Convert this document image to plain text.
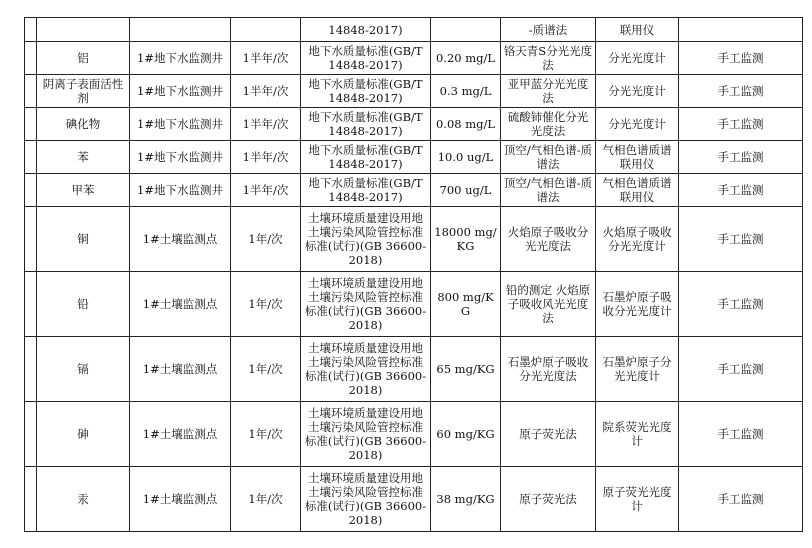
				14848-2017)		-质谱法	联用仪	
	铝	1#地下水监测井	1半年/次	地下水质量标准(GB/T 14848-2017)	0.20 mg/L	铬天青S分光光度法	分光光度计	手工监测
	阴离子表面活性剂	1#地下水监测井	1半年/次	地下水质量标准(GB/T 14848-2017)	0.3 mg/L	亚甲蓝分光光度法	分光光度计	手工监测
	碘化物	1#地下水监测井	1半年/次	地下水质量标准(GB/T 14848-2017)	0.08 mg/L	硫酸铈催化分光光度法	分光光度计	手工监测
	苯	1#地下水监测井	1半年/次	地下水质量标准(GB/T 14848-2017)	10.0 ug/L	顶空/气相色谱-质谱法	气相色谱质谱联用仪	手工监测
	甲苯	1#地下水监测井	1半年/次	地下水质量标准(GB/T 14848-2017)	700 ug/L	顶空/气相色谱-质谱法	气相色谱质谱联用仪	手工监测
	铜	1#土壤监测点	1年/次	土壤环境质量建设用地土壤污染风险管控标准标准(试行)(GB 36600-2018)	18000 mg/KG	火焰原子吸收分光光度法	火焰原子吸收分光光度计	手工监测
	铅	1#土壤监测点	1年/次	土壤环境质量建设用地土壤污染风险管控标准标准(试行)(GB 36600-2018)	800 mg/KG	铅的测定 火焰原子吸收风光光度法	石墨炉原子吸收分光光度计	手工监测
	镉	1#土壤监测点	1年/次	土壤环境质量建设用地土壤污染风险管控标准标准(试行)(GB 36600-2018)	65 mg/KG	石墨炉原子吸收分光光度法	石墨炉原子分光光度计	手工监测
	砷	1#土壤监测点	1年/次	土壤环境质量建设用地土壤污染风险管控标准标准(试行)(GB 36600-2018)	60 mg/KG	原子荧光法	院系荧光光度计	手工监测
	汞	1#土壤监测点	1年/次	土壤环境质量建设用地土壤污染风险管控标准标准(试行)(GB 36600-2018)	38 mg/KG	原子荧光法	原子荧光光度计	手工监测
